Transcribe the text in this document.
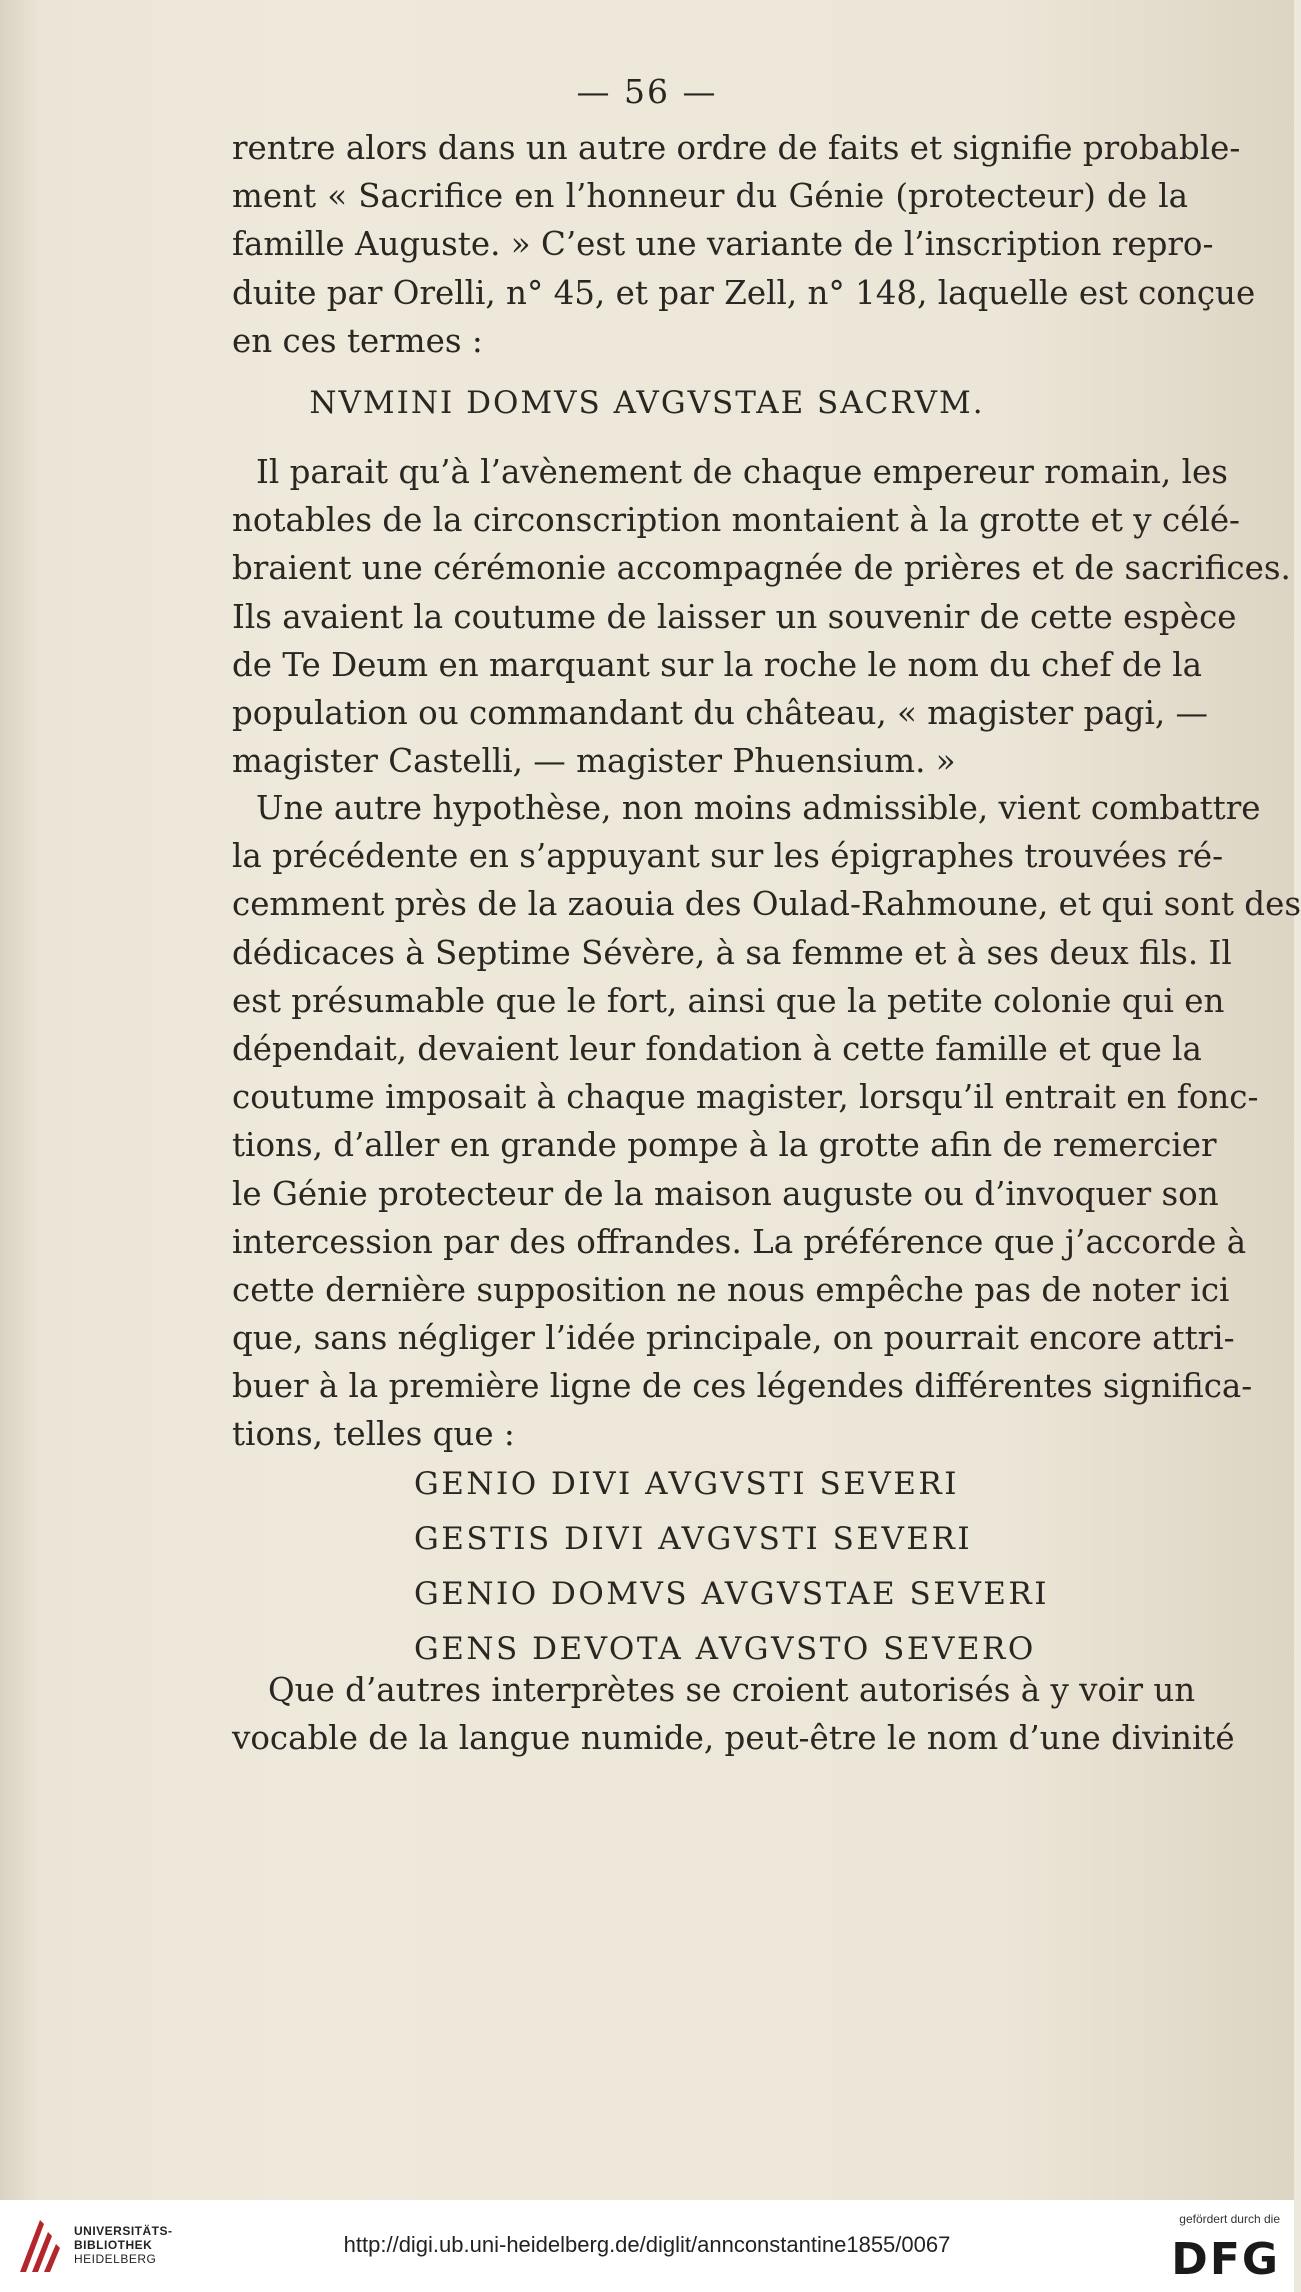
— 56 —
rentre alors dans un autre ordre de faits et signifie probable-
ment « Sacrifice en l’honneur du Génie (protecteur) de la
famille Auguste. » C’est une variante de l’inscription repro-
duite par Orelli, n° 45, et par Zell, n° 148, laquelle est conçue
en ces termes :
NVMINI DOMVS AVGVSTAE SACRVM.
Il parait qu’à l’avènement de chaque empereur romain, les
notables de la circonscription montaient à la grotte et y célé-
braient une cérémonie accompagnée de prières et de sacrifices.
Ils avaient la coutume de laisser un souvenir de cette espèce
de Te Deum en marquant sur la roche le nom du chef de la
population ou commandant du château, « magister pagi, —
magister Castelli, — magister Phuensium. »
Une autre hypothèse, non moins admissible, vient combattre
la précédente en s’appuyant sur les épigraphes trouvées ré-
cemment près de la zaouia des Oulad-Rahmoune, et qui sont des
dédicaces à Septime Sévère, à sa femme et à ses deux fils. Il
est présumable que le fort, ainsi que la petite colonie qui en
dépendait, devaient leur fondation à cette famille et que la
coutume imposait à chaque magister, lorsqu’il entrait en fonc-
tions, d’aller en grande pompe à la grotte afin de remercier
le Génie protecteur de la maison auguste ou d’invoquer son
intercession par des offrandes. La préférence que j’accorde à
cette dernière supposition ne nous empêche pas de noter ici
que, sans négliger l’idée principale, on pourrait encore attri-
buer à la première ligne de ces légendes différentes significa-
tions, telles que :
GENIO DIVI AVGVSTI SEVERI
GESTIS DIVI AVGVSTI SEVERI
GENIO DOMVS AVGVSTAE SEVERI
GENS DEVOTA AVGVSTO SEVERO
Que d’autres interprètes se croient autorisés à y voir un
vocable de la langue numide, peut-être le nom d’une divinité
UNIVERSITÄTS-
BIBLIOTHEK
HEIDELBERG
http://digi.ub.uni-heidelberg.de/diglit/annconstantine1855/0067
gefördert durch die
DFG
